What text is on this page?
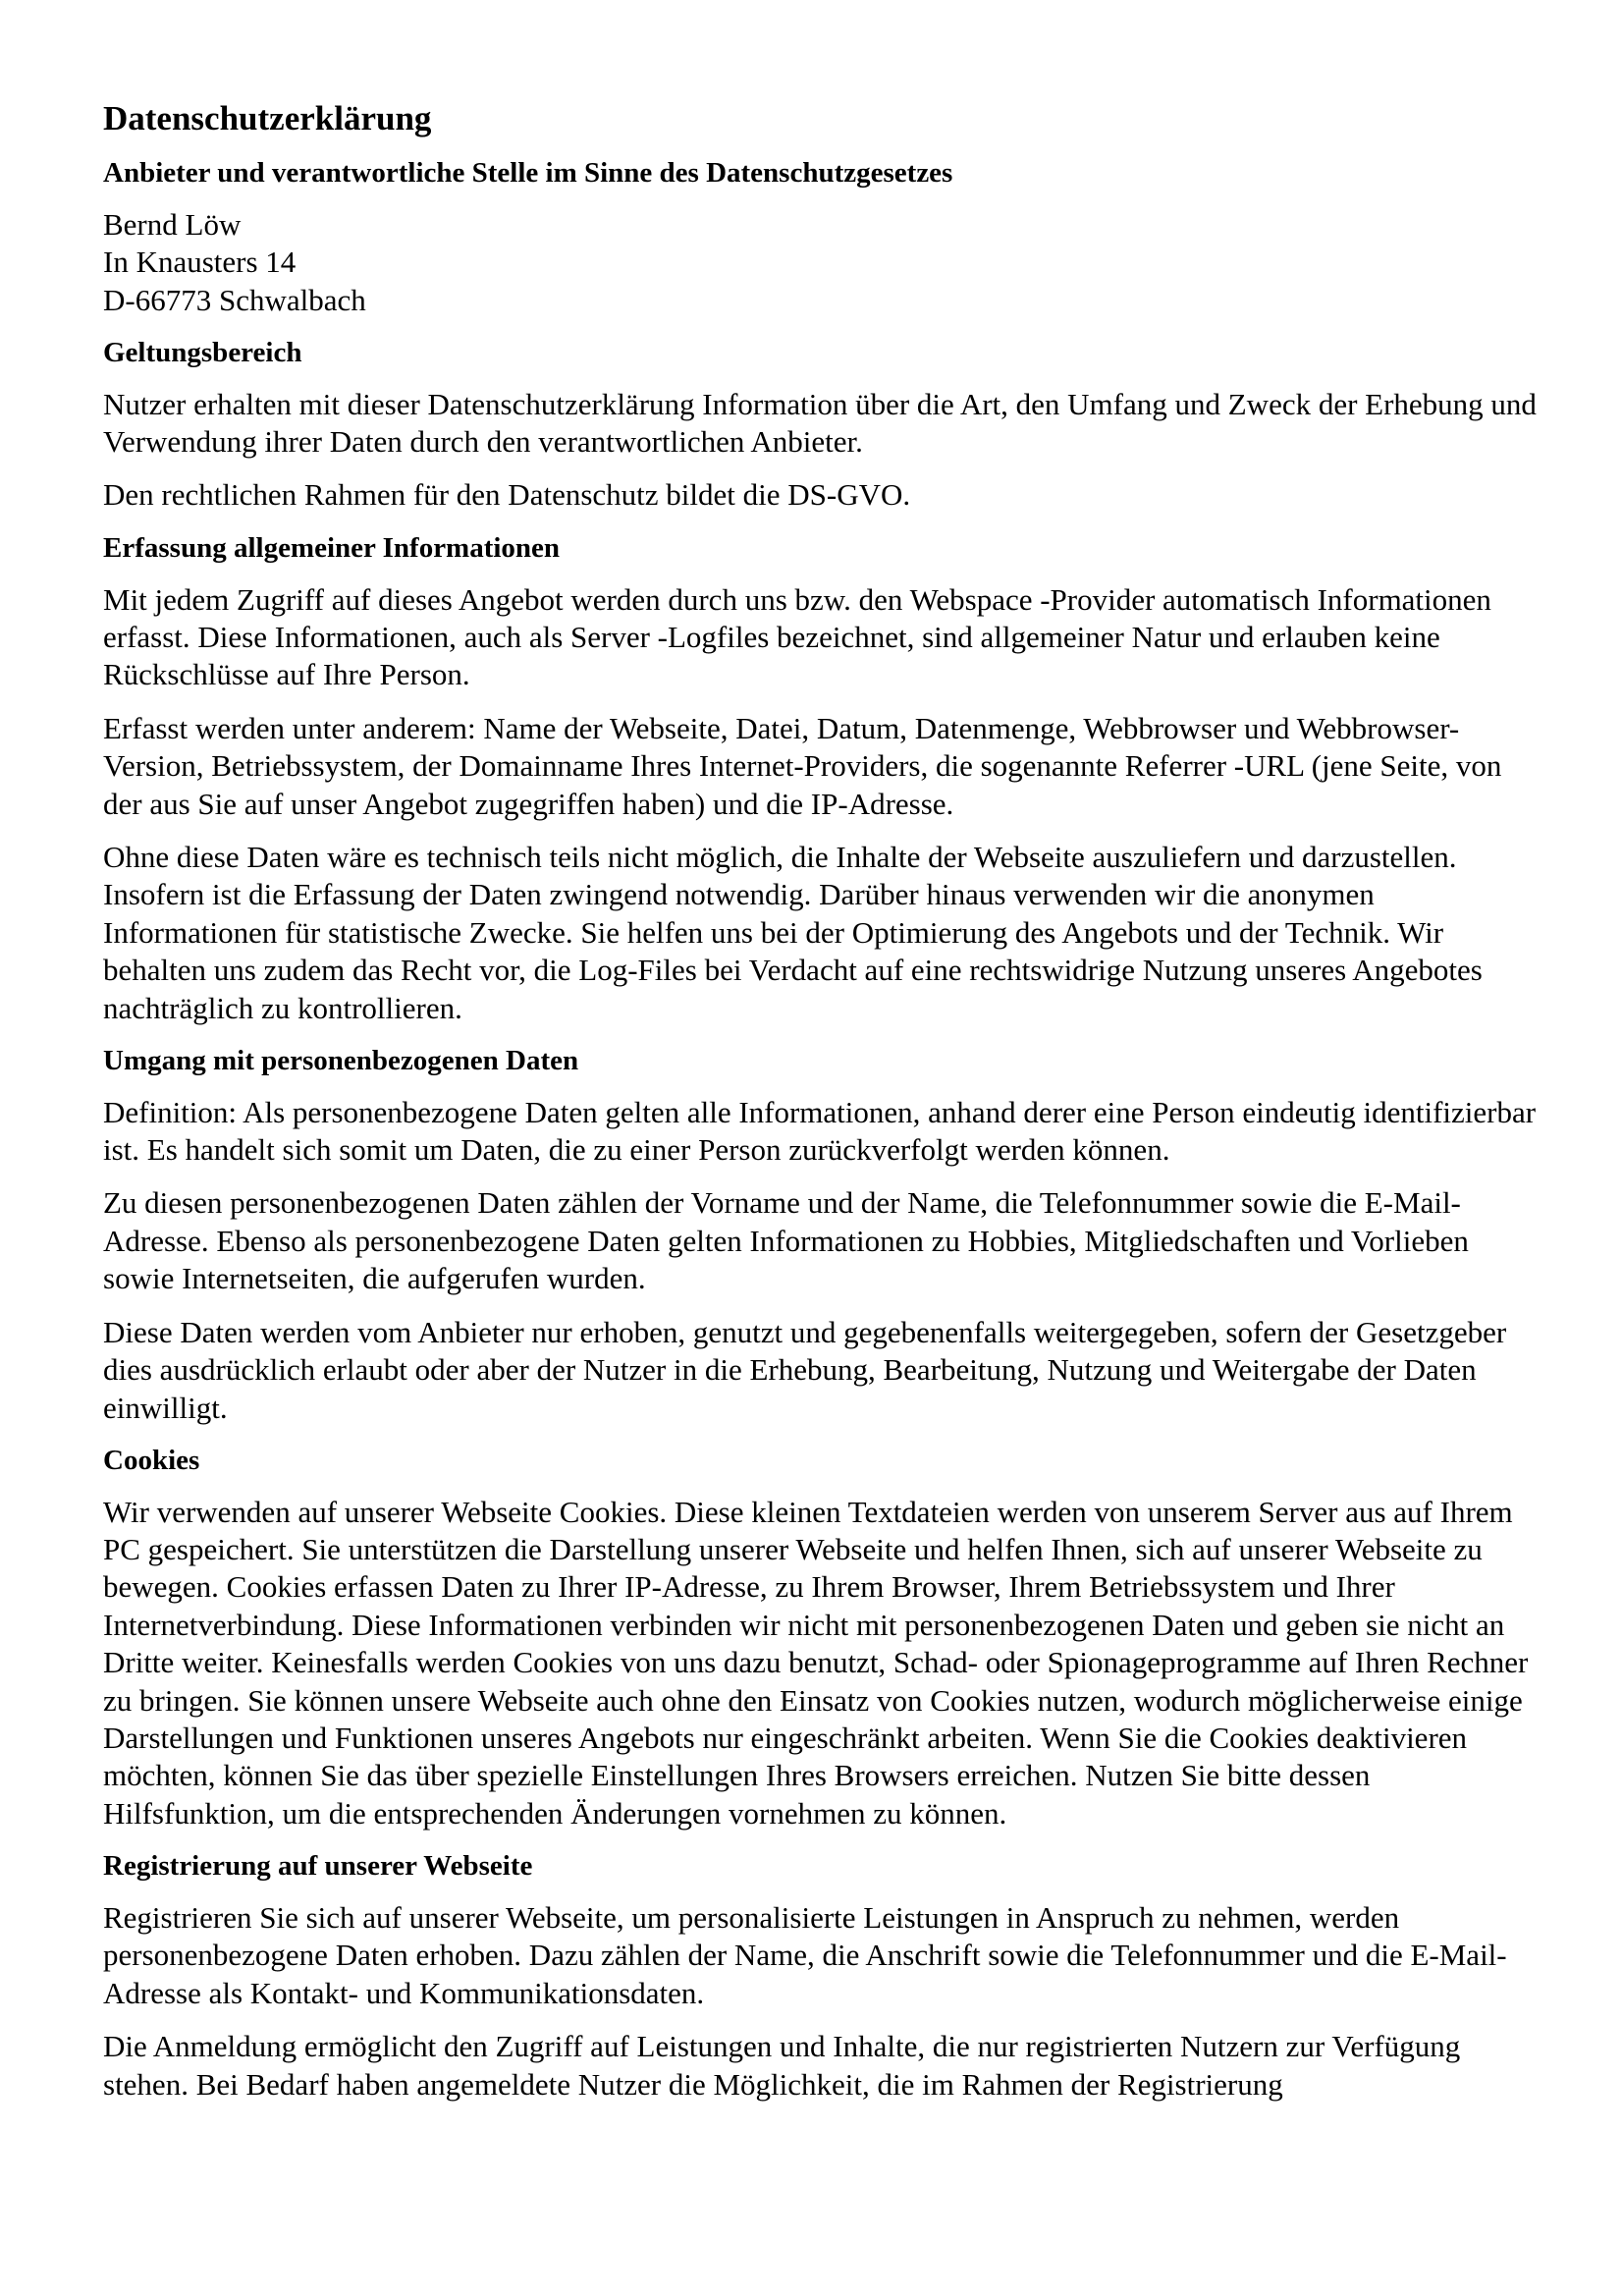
Datenschutzerklärung
Anbieter und verantwortliche Stelle im Sinne des Datenschutzgesetzes
Bernd Löw
In Knausters 14
D-66773 Schwalbach
Geltungsbereich

Nutzer erhalten mit dieser Datenschutzerklärung Information über die Art, den Umfang und Zweck der Erhebung und Verwendung ihrer Daten durch den verantwortlichen Anbieter.

Den rechtlichen Rahmen für den Datenschutz bildet die DS-GVO.

Erfassung allgemeiner Informationen

Mit jedem Zugriff auf dieses Angebot werden durch uns bzw. den Webspace -Provider automatisch Informationen erfasst. Diese Informationen, auch als Server -Logfiles bezeichnet, sind allgemeiner Natur und erlauben keine Rückschlüsse auf Ihre Person.

Erfasst werden unter anderem: Name der Webseite, Datei, Datum, Datenmenge, Webbrowser und Webbrowser-Version, Betriebssystem, der Domainname Ihres Internet-Providers, die sogenannte Referrer -URL (jene Seite, von der aus Sie auf unser Angebot zugegriffen haben) und die IP-Adresse.

Ohne diese Daten wäre es technisch teils nicht möglich, die Inhalte der Webseite auszuliefern und darzustellen. Insofern ist die Erfassung der Daten zwingend notwendig. Darüber hinaus verwenden wir die anonymen Informationen für statistische Zwecke. Sie helfen uns bei der Optimierung des Angebots und der Technik. Wir behalten uns zudem das Recht vor, die Log-Files bei Verdacht auf eine rechtswidrige Nutzung unseres Angebotes nachträglich zu kontrollieren.

Umgang mit personenbezogenen Daten

Definition: Als personenbezogene Daten gelten alle Informationen, anhand derer eine Person eindeutig identifizierbar ist. Es handelt sich somit um Daten, die zu einer Person zurückverfolgt werden können.

Zu diesen personenbezogenen Daten zählen der Vorname und der Name, die Telefonnummer sowie die E-Mail-Adresse. Ebenso als personenbezogene Daten gelten Informationen zu Hobbies, Mitgliedschaften und Vorlieben sowie Internetseiten, die aufgerufen wurden.

Diese Daten werden vom Anbieter nur erhoben, genutzt und gegebenenfalls weitergegeben, sofern der Gesetzgeber dies ausdrücklich erlaubt oder aber der Nutzer in die Erhebung, Bearbeitung, Nutzung und Weitergabe der Daten einwilligt.

Cookies

Wir verwenden auf unserer Webseite Cookies. Diese kleinen Textdateien werden von unserem Server aus auf Ihrem PC gespeichert. Sie unterstützen die Darstellung unserer Webseite und helfen Ihnen, sich auf unserer Webseite zu bewegen. Cookies erfassen Daten zu Ihrer IP-Adresse, zu Ihrem Browser, Ihrem Betriebssystem und Ihrer Internetverbindung. Diese Informationen verbinden wir nicht mit personenbezogenen Daten und geben sie nicht an Dritte weiter. Keinesfalls werden Cookies von uns dazu benutzt, Schad- oder Spionageprogramme auf Ihren Rechner zu bringen. Sie können unsere Webseite auch ohne den Einsatz von Cookies nutzen, wodurch möglicherweise einige Darstellungen und Funktionen unseres Angebots nur eingeschränkt arbeiten. Wenn Sie die Cookies deaktivieren möchten, können Sie das über spezielle Einstellungen Ihres Browsers erreichen. Nutzen Sie bitte dessen Hilfsfunktion, um die entsprechenden Änderungen vornehmen zu können.

Registrierung auf unserer Webseite

Registrieren Sie sich auf unserer Webseite, um personalisierte Leistungen in Anspruch zu nehmen, werden personenbezogene Daten erhoben. Dazu zählen der Name, die Anschrift sowie die Telefonnummer und die E-Mail-Adresse als Kontakt- und Kommunikationsdaten.

Die Anmeldung ermöglicht den Zugriff auf Leistungen und Inhalte, die nur registrierten Nutzern zur Verfügung stehen. Bei Bedarf haben angemeldete Nutzer die Möglichkeit, die im Rahmen der Registrierung
